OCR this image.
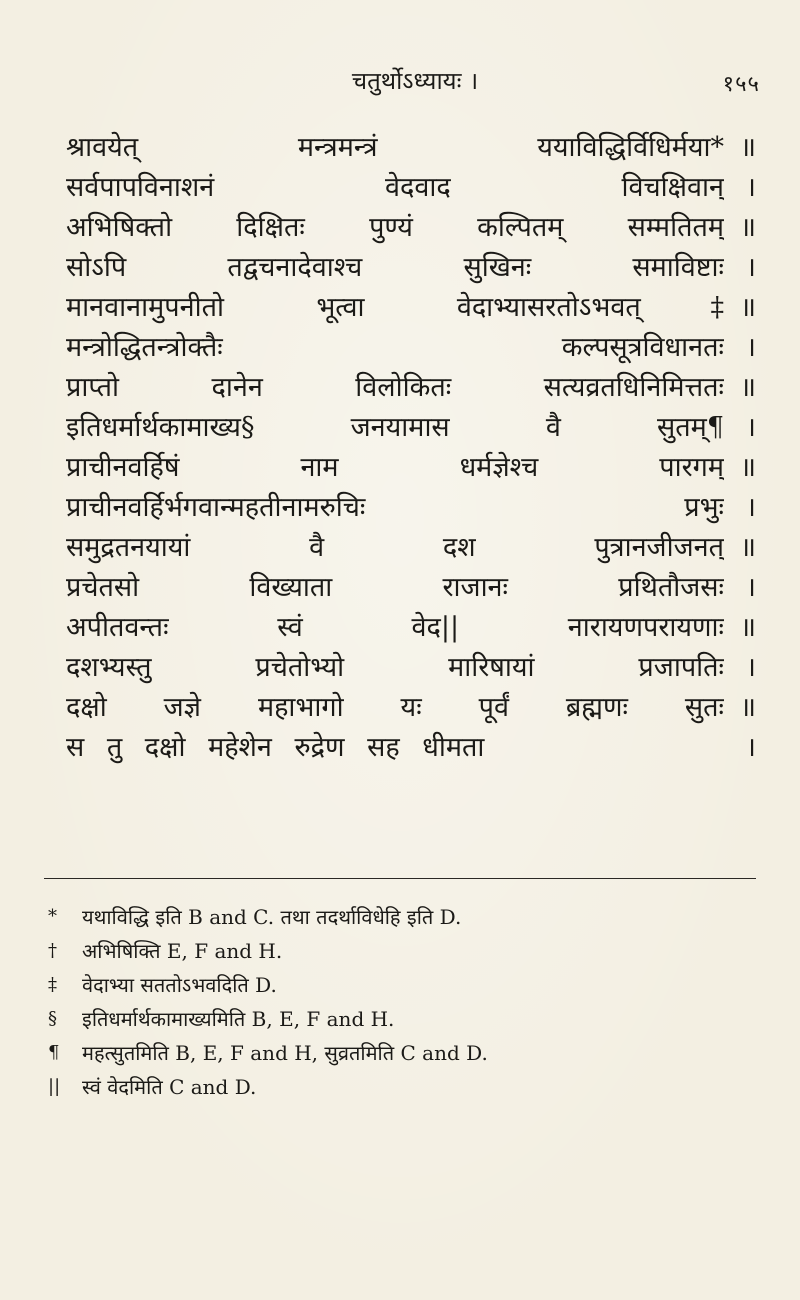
चतुर्थोऽध्यायः ।	१५५
श्रावयेत् मन्त्रमन्त्रं ययाविद्धिर्विधिर्मया* ॥
सर्वपापविनाशनं वेदवाद विचक्षिवान् ।
अभिषिक्तो दिक्षितः पुण्यं कल्पितम् सम्मतितम् ॥
सोऽपि तद्वचनादेवाश्च सुखिनः समाविष्टाः ।
मानवानामुपनीतो भूत्वा वेदाभ्यासरतोऽभवत्‡ ॥
मन्त्रोद्धितन्त्रोक्तैः कल्पसूत्रविधानतः ।
प्राप्तो दानेन विलोकितः सत्यव्रतधिनिमित्ततः ॥
इतिधर्मार्थकामाख्य§ जनयामास वै सुतम्¶ ।
प्राचीनवर्हिषं नाम धर्मज्ञेश्च पारगम् ॥
प्राचीनवर्हिर्भगवान्महतीनामरुचिः प्रभुः ।
समुद्रतनयायां वै दश पुत्रानजीजनत् ॥
प्रचेतसो विख्याता राजानः प्रथितौजसः ।
अपीतवन्तः स्वं वेद|| नारायणपरायणाः ॥
दशभ्यस्तु प्रचेतोभ्यो मारिषायां प्रजापतिः ।
दक्षो जज्ञे महाभागो यः पूर्वं ब्रह्मणः सुतः ॥
स तु दक्षो महेशेन रुद्रेण सह धीमता	।
*	यथाविद्धि इति B and C. तथा तदर्थाविधेहि इति D.
†	अभिषिक्ति E, F and H.
‡	वेदाभ्या सततोऽभवदिति D.
§	इतिधर्मार्थकामाख्यमिति B, E, F and H.
¶	महत्सुतमिति B, E, F and H, सुव्रतमिति C and D.
||	स्वं वेदमिति C and D.
